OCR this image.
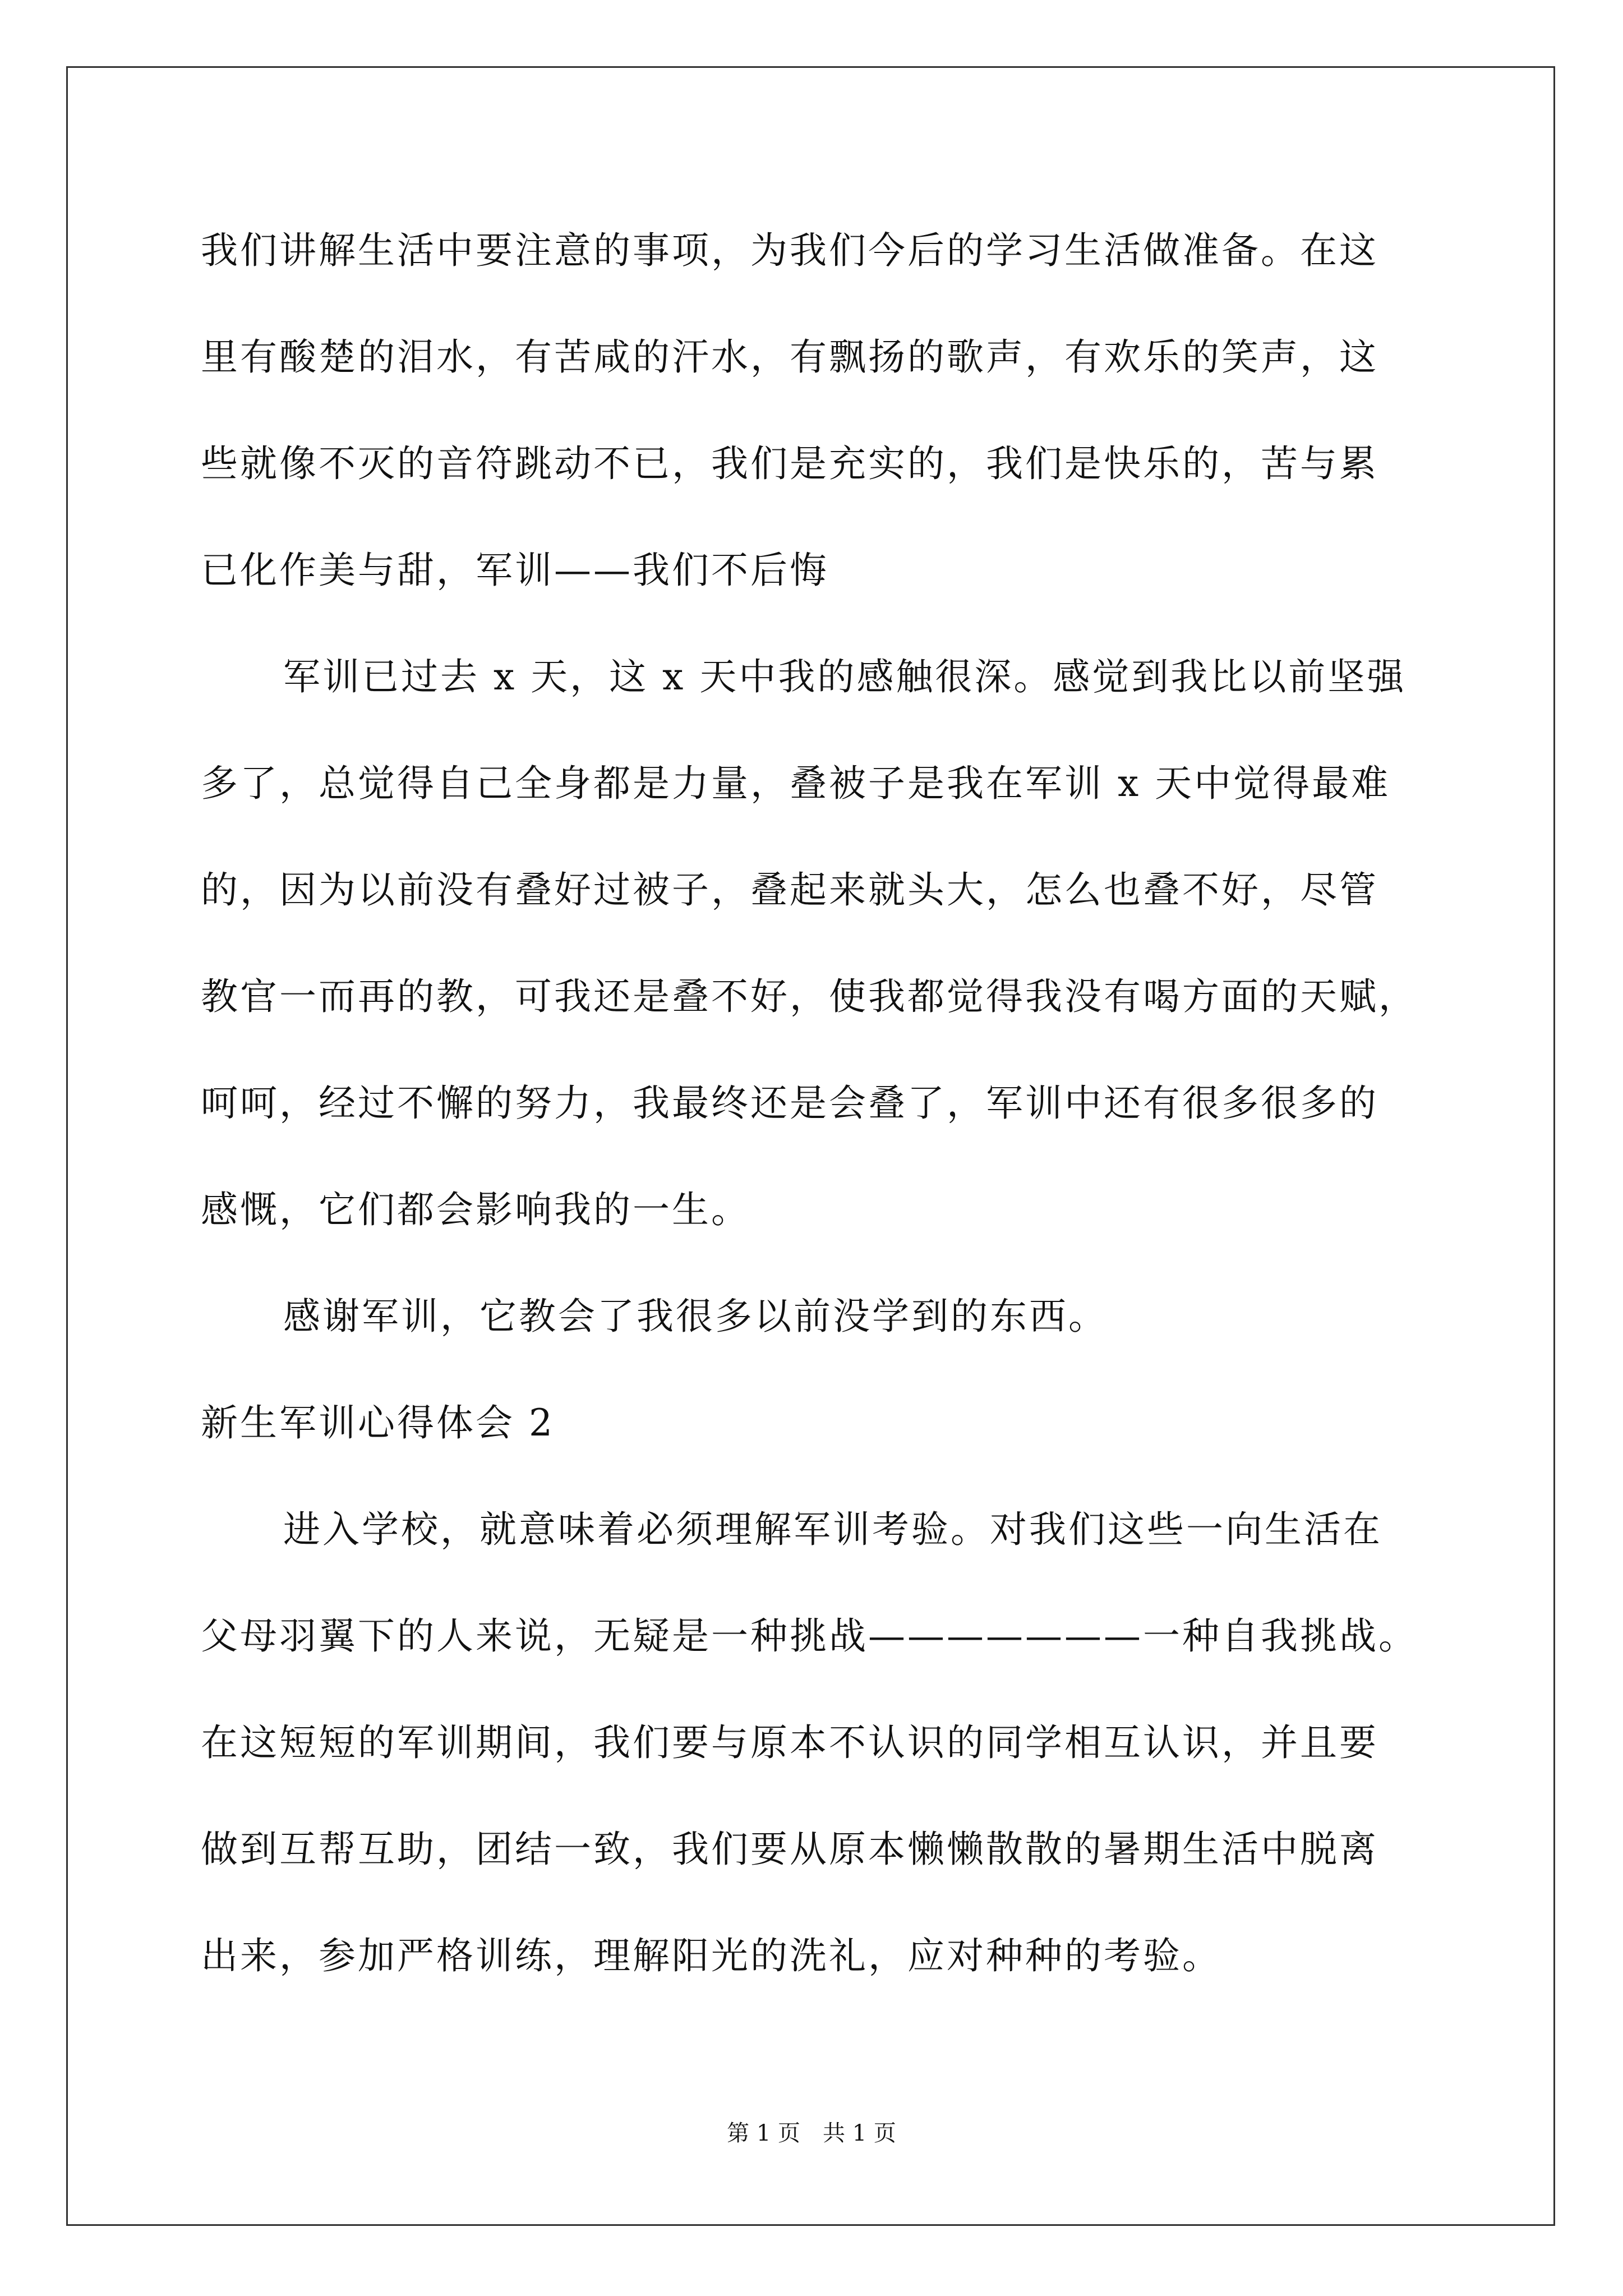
我们讲解生活中要注意的事项，为我们今后的学习生活做准备。在这
里有酸楚的泪水，有苦咸的汗水，有飘扬的歌声，有欢乐的笑声，这
些就像不灭的音符跳动不已，我们是充实的，我们是快乐的，苦与累
已化作美与甜，军训——我们不后悔
军训已过去 x 天，这 x 天中我的感触很深。感觉到我比以前坚强
多了，总觉得自己全身都是力量，叠被子是我在军训 x 天中觉得最难
的，因为以前没有叠好过被子，叠起来就头大，怎么也叠不好，尽管
教官一而再的教，可我还是叠不好，使我都觉得我没有喝方面的天赋，
呵呵，经过不懈的努力，我最终还是会叠了，军训中还有很多很多的
感慨，它们都会影响我的一生。
感谢军训，它教会了我很多以前没学到的东西。
新生军训心得体会 2
进入学校，就意味着必须理解军训考验。对我们这些一向生活在
父母羽翼下的人来说，无疑是一种挑战———————一种自我挑战。
在这短短的军训期间，我们要与原本不认识的同学相互认识，并且要
做到互帮互助，团结一致，我们要从原本懒懒散散的暑期生活中脱离
出来，参加严格训练，理解阳光的洗礼，应对种种的考验。
第 1 页　共 1 页
